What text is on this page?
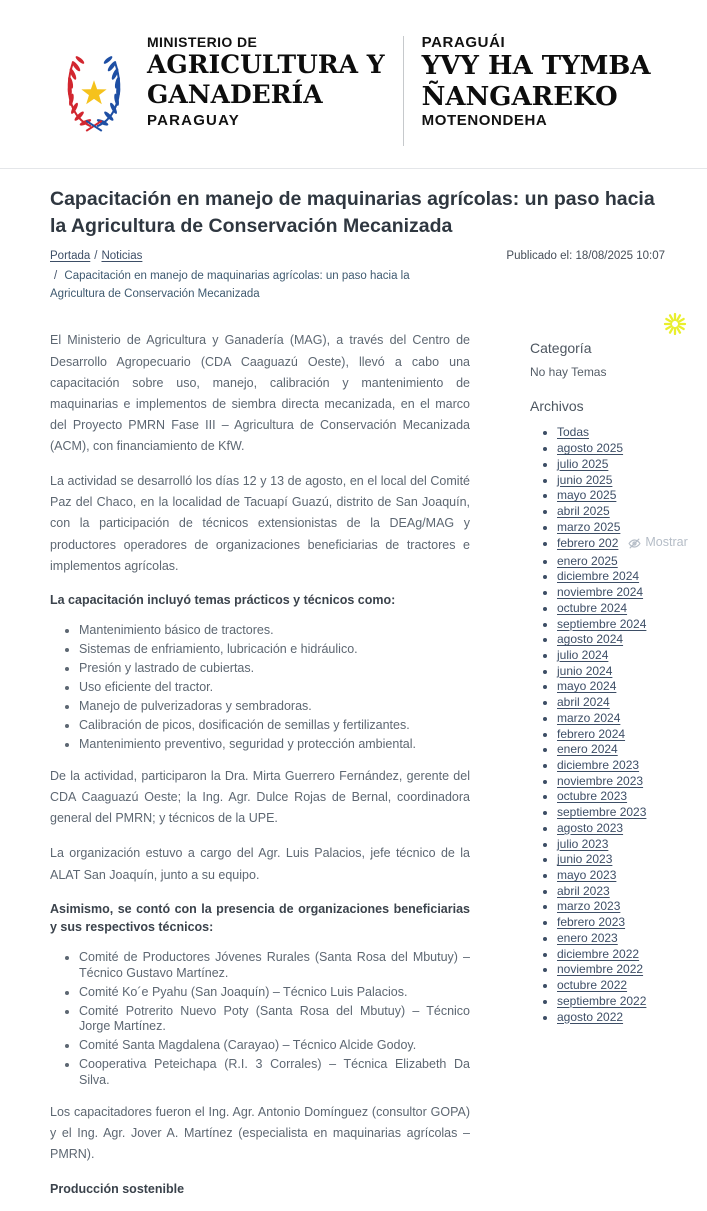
MINISTERIO DE
AGRICULTURA Y
GANADERÍA
PARAGUAY
PARAGUÁI
YVY HA TYMBA
ÑANGAREKO
MOTENONDEHA
Capacitación en manejo de maquinarias agrícolas: un paso hacia la Agricultura de Conservación Mecanizada
Portada / Noticias	Publicado el: 18/08/2025 10:07
/ Capacitación en manejo de maquinarias agrícolas: un paso hacia la Agricultura de Conservación Mecanizada

El Ministerio de Agricultura y Ganadería (MAG), a través del Centro de Desarrollo Agropecuario (CDA Caaguazú Oeste), llevó a cabo una capacitación sobre uso, manejo, calibración y mantenimiento de maquinarias e implementos de siembra directa mecanizada, en el marco del Proyecto PMRN Fase III – Agricultura de Conservación Mecanizada (ACM), con financiamiento de KfW.

La actividad se desarrolló los días 12 y 13 de agosto, en el local del Comité Paz del Chaco, en la localidad de Tacuapí Guazú, distrito de San Joaquín, con la participación de técnicos extensionistas de la DEAg/MAG y productores operadores de organizaciones beneficiarias de tractores e implementos agrícolas.

La capacitación incluyó temas prácticos y técnicos como:

• Mantenimiento básico de tractores.
• Sistemas de enfriamiento, lubricación e hidráulico.
• Presión y lastrado de cubiertas.
• Uso eficiente del tractor.
• Manejo de pulverizadoras y sembradoras.
• Calibración de picos, dosificación de semillas y fertilizantes.
• Mantenimiento preventivo, seguridad y protección ambiental.

De la actividad, participaron la Dra. Mirta Guerrero Fernández, gerente del CDA Caaguazú Oeste; la Ing. Agr. Dulce Rojas de Bernal, coordinadora general del PMRN; y técnicos de la UPE.

La organización estuvo a cargo del Agr. Luis Palacios, jefe técnico de la ALAT San Joaquín, junto a su equipo.

Asimismo, se contó con la presencia de organizaciones beneficiarias y sus respectivos técnicos:

• Comité de Productores Jóvenes Rurales (Santa Rosa del Mbutuy) – Técnico Gustavo Martínez.
• Comité Ko´e Pyahu (San Joaquín) – Técnico Luis Palacios.
• Comité Potrerito Nuevo Poty (Santa Rosa del Mbutuy) – Técnico Jorge Martínez.
• Comité Santa Magdalena (Carayao) – Técnico Alcide Godoy.
• Cooperativa Peteichapa (R.I. 3 Corrales) – Técnica Elizabeth Da Silva.

Los capacitadores fueron el Ing. Agr. Antonio Domínguez (consultor GOPA) y el Ing. Agr. Jover A. Martínez (especialista en maquinarias agrícolas – PMRN).

Producción sostenible

Categoría

No hay Temas

Archivos
• Todas
• agosto 2025
• julio 2025
• junio 2025
• mayo 2025
• abril 2025
• marzo 2025
• febrero 202 Mostrar
• enero 2025
• diciembre 2024
• noviembre 2024
• octubre 2024
• septiembre 2024
• agosto 2024
• julio 2024
• junio 2024
• mayo 2024
• abril 2024
• marzo 2024
• febrero 2024
• enero 2024
• diciembre 2023
• noviembre 2023
• octubre 2023
• septiembre 2023
• agosto 2023
• julio 2023
• junio 2023
• mayo 2023
• abril 2023
• marzo 2023
• febrero 2023
• enero 2023
• diciembre 2022
• noviembre 2022
• octubre 2022
• septiembre 2022
• agosto 2022
